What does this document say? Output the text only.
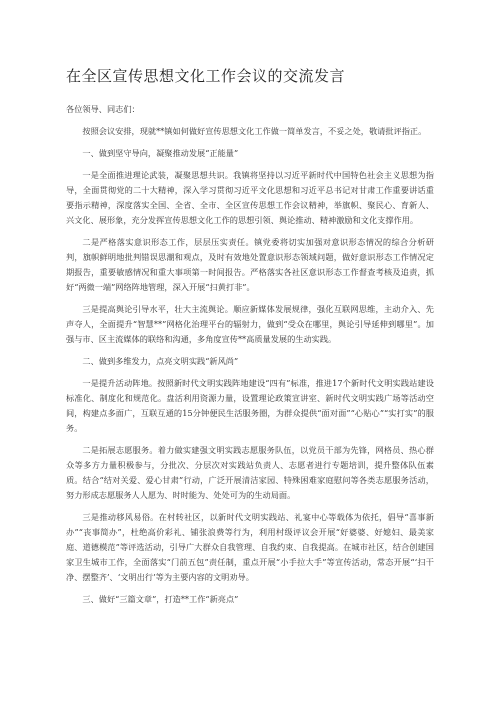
在全区宣传思想文化工作会议的交流发言

各位领导、同志们：

按照会议安排，现就**镇如何做好宣传思想文化工作做一简单发言，不妥之处，敬请批评指正。

一、做到坚守导向，凝聚推动发展“正能量”

一是全面推进理论武装，凝聚思想共识。我镇将坚持以习近平新时代中国特色社会主义思想为指导，全面贯彻党的二十大精神，深入学习贯彻习近平文化思想和习近平总书记对甘肃工作重要讲话重要指示精神，深度落实全国、全省、全市、全区宣传思想工作会议精神，举旗帜、聚民心、育新人、兴文化、展形象，充分发挥宣传思想文化工作的思想引领、舆论推动、精神激励和文化支撑作用。

二是严格落实意识形态工作，层层压实责任。镇党委将切实加强对意识形态情况的综合分析研判，旗帜鲜明地批判错误思潮和观点，及时有效地处置意识形态领域问题，做好意识形态工作情况定期报告，重要敏感情况和重大事项第一时间报告。严格落实各社区意识形态工作督查考核及追责，抓好“两微一端”网络阵地管理，深入开展“扫黄打非”。

三是提高舆论引导水平，壮大主流舆论。顺应新媒体发展规律，强化互联网思维，主动介入、先声夺人，全面提升“智慧**”网格化治理平台的辐射力，做到“受众在哪里，舆论引导延伸到哪里”。加强与市、区主流媒体的联络和沟通，多角度宣传**高质量发展的生动实践。

二、做到多维发力，点亮文明实践“新风尚”

一是提升活动阵地。按照新时代文明实践阵地建设“四有”标准，推进17个新时代文明实践站建设标准化、制度化和规范化。盘活利用资源力量，设置理论政策宣讲室、新时代文明实践广场等活动空间，构建点多面广，互联互通的15分钟便民生活服务圈，为群众提供“面对面”“心贴心”“实打实”的服务。

二是拓展志愿服务。着力做实建强文明实践志愿服务队伍，以党员干部为先锋，网格员、热心群众等多方力量积极参与，分批次、分层次对实践站负责人、志愿者进行专题培训，提升整体队伍素质。结合“结对关爱、爱心甘肃”行动，广泛开展清洁家园、特殊困难家庭慰问等各类志愿服务活动，努力形成志愿服务人人愿为、时时能为、处处可为的生动局面。

三是推动移风易俗。在村转社区，以新时代文明实践站、礼宴中心等载体为依托，倡导“喜事新办”“丧事简办”，杜绝高价彩礼、铺张浪费等行为，利用村级评议会开展“好婆婆、好媳妇、最美家庭、道德模范”等评选活动，引导广大群众自我管理、自我约束、自我提高。在城市社区，结合创建国家卫生城市工作，全面落实“门前五包”责任制，重点开展“小手拉大手”等宣传活动，常态开展“‘扫干净、摆整齐’、‘文明出行’等为主要内容的文明劝导。

三、做好“三篇文章”，打造**工作“新亮点”
